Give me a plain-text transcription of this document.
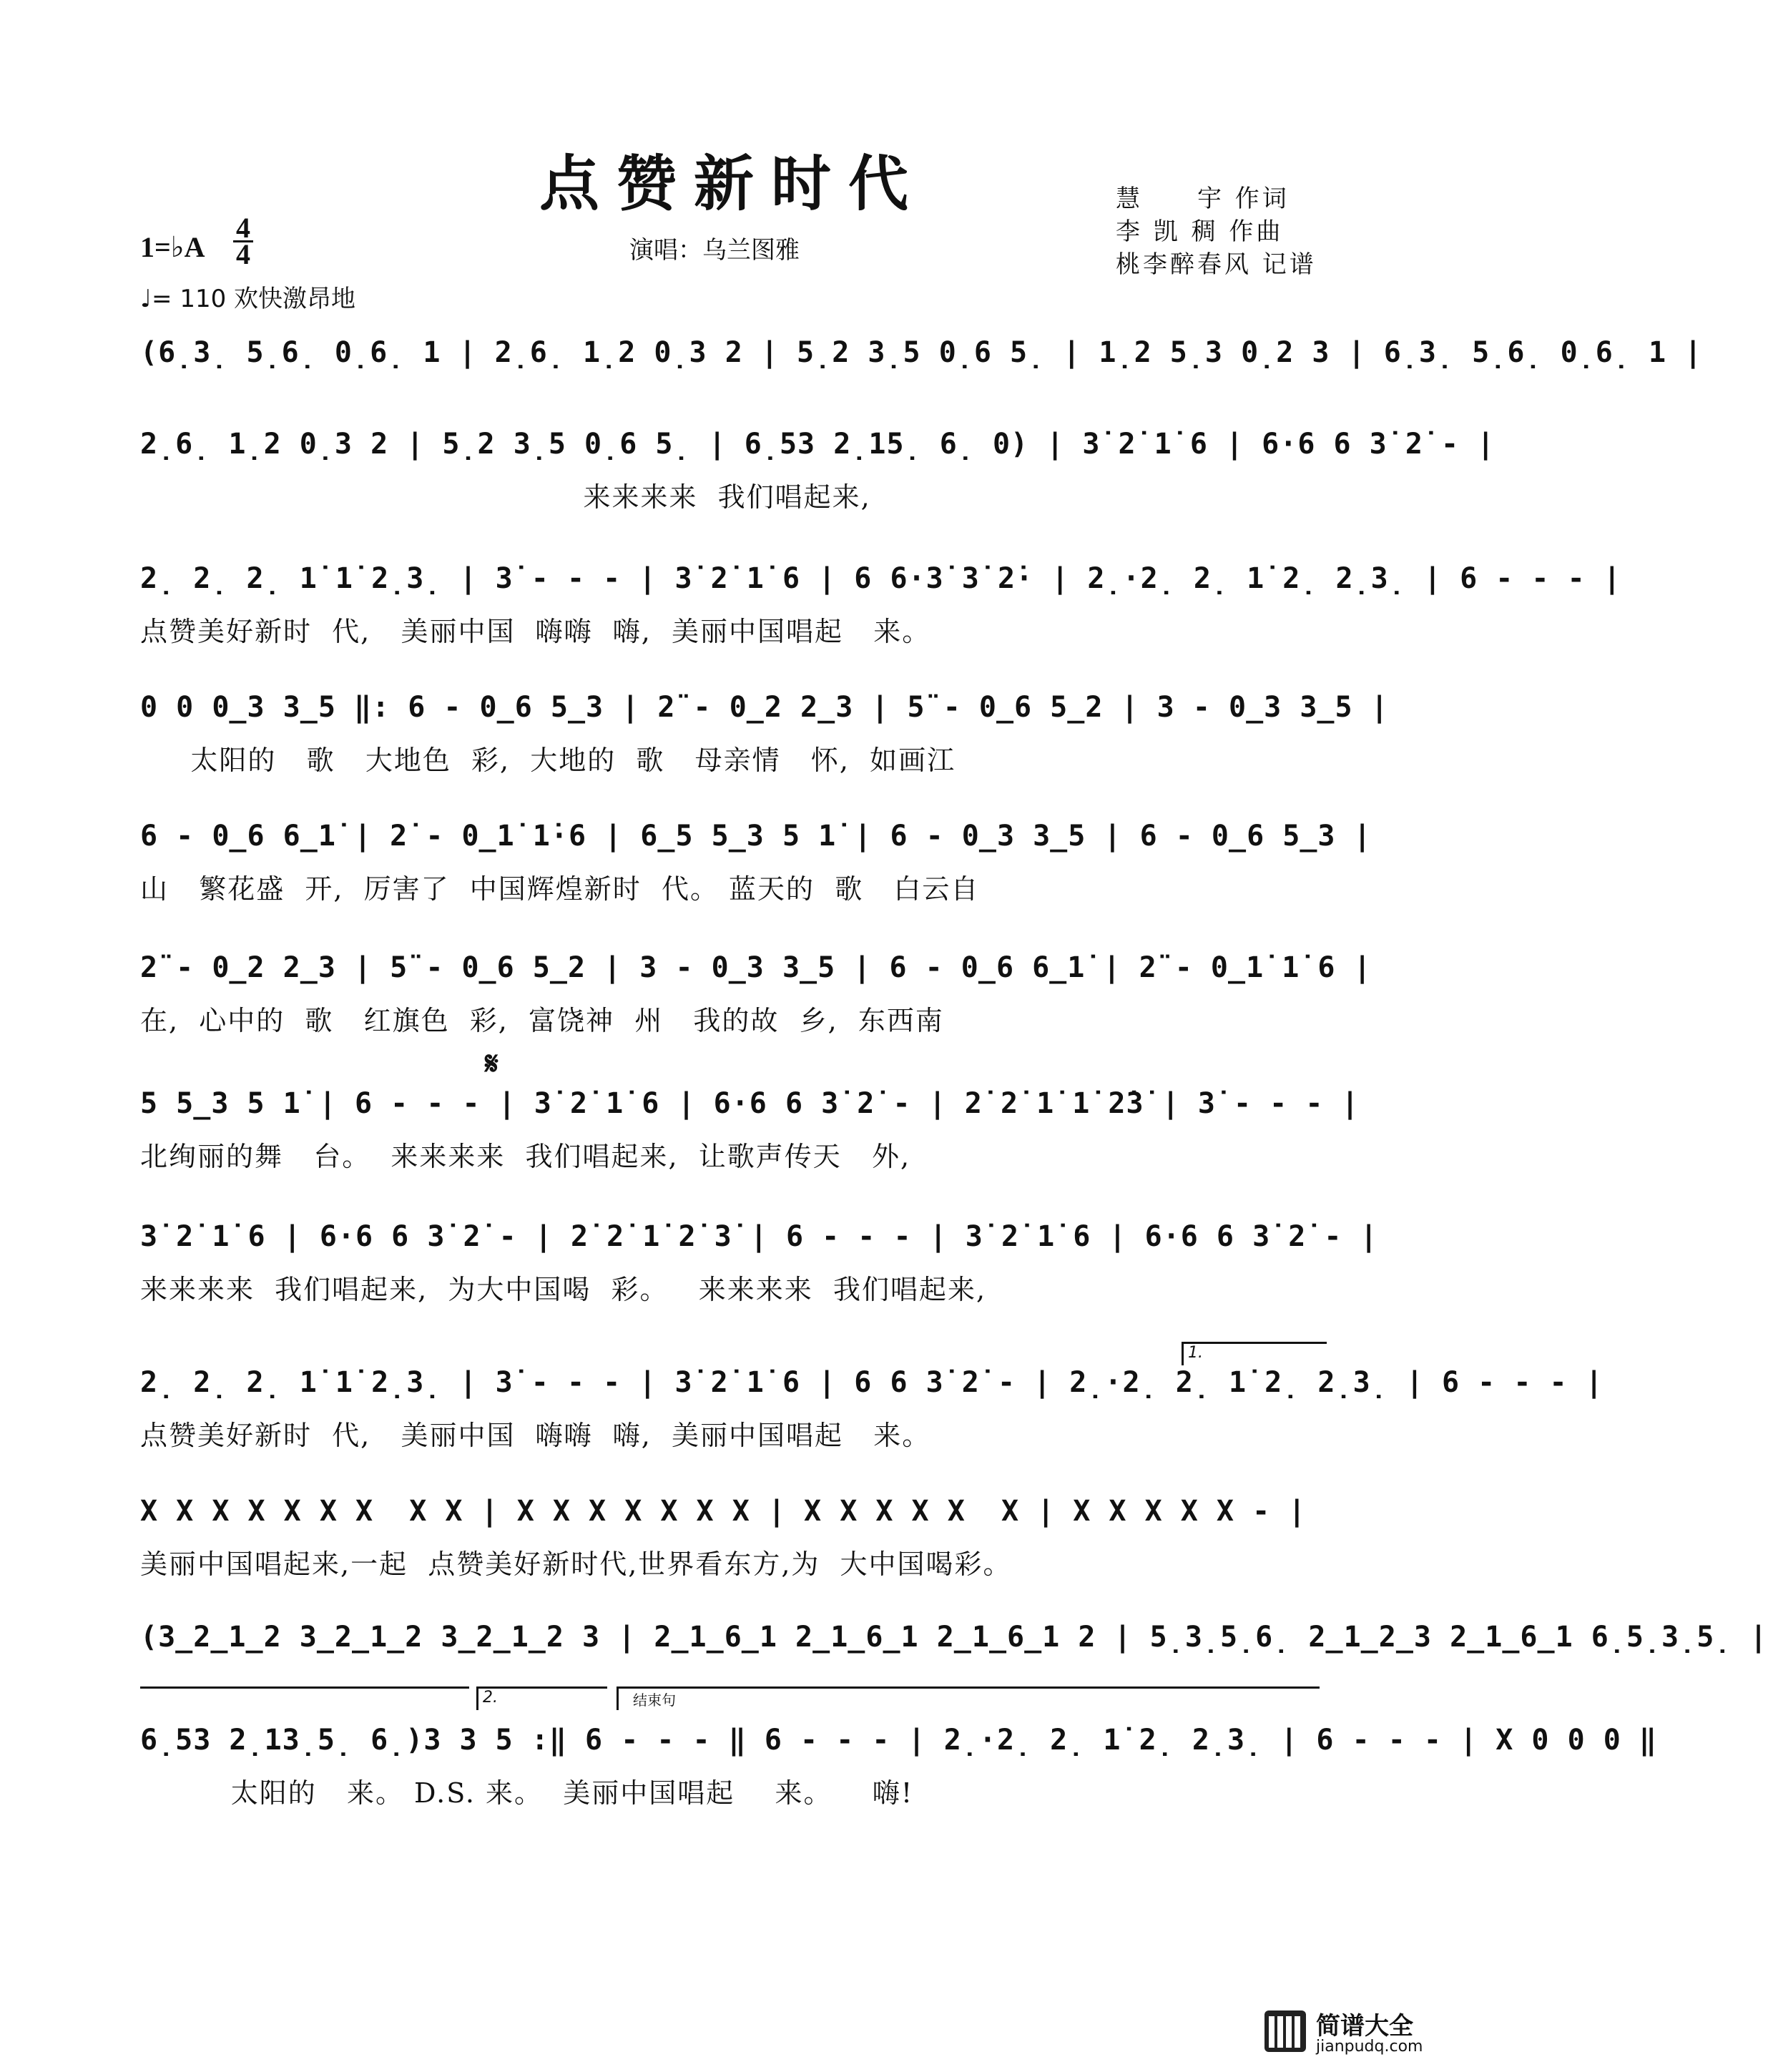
点赞新时代	慧　　宇 作词
李 凯 稠 作曲
桃李醉春风 记谱
1=♭A
4
4	演唱：乌兰图雅
♩= 110 欢快激昂地
(6̣3̣ 5̣6̣ 0̣6̣ 1 | 2̣6̣ 1̣2 0̣3 2 | 5̣2 3̣5 0̣6 5̣ | 1̣2 5̣3 0̣2 3 | 6̣3̣ 5̣6̣ 0̣6̣ 1 |
2̣6̣ 1̣2 0̣3 2 | 5̣2 3̣5 0̣6 5̣ | 6̣53 2̣15̣ 6̣ 0) | 3̇ 2̇ 1̇ 6 | 6·6 6 3̇ 2̇ - |
来来来来  我们唱起来,
2̣ 2̣ 2̣ 1̇ 1̇ 2̣3̣ | 3̇ - - - | 3̇ 2̇ 1̇ 6 | 6 6·3̇ 3̇ 2̇· | 2̣·2̣ 2̣ 1̇ 2̣ 2̣3̣ | 6 - - - |
点赞美好新时  代,   美丽中国  嗨嗨  嗨,  美丽中国唱起   来。
0 0 0̲3 3̲5 ‖: 6 - 0̲6 5̲3 | 2̈ - 0̲2 2̲3 | 5̈ - 0̲6 5̲2 | 3 - 0̲3 3̲5 |
太阳的   歌   大地色  彩,  大地的  歌   母亲情   怀,  如画江
6 - 0̲6 6̲1̇ | 2̇ - 0̲1̇ 1̇·6 | 6̲5 5̲3 5 1̇ | 6 - 0̲3 3̲5 | 6 - 0̲6 5̲3 |
山   繁花盛  开,  厉害了  中国辉煌新时  代。 蓝天的  歌   白云自
2̈ - 0̲2 2̲3 | 5̈ - 0̲6 5̲2 | 3 - 0̲3 3̲5 | 6 - 0̲6 6̲1̇ | 2̈ - 0̲1̇ 1̇ 6 |
在,  心中的  歌   红旗色  彩,  富饶神  州   我的故  乡,  东西南
𝄋
5 5̲3 5 1̇ | 6 - - - | 3̇ 2̇ 1̇ 6 | 6·6 6 3̇ 2̇ - | 2̇ 2̇ 1̇ 1̇ 2̇3̇ | 3̇ - - - |
北绚丽的舞   台。  来来来来  我们唱起来,  让歌声传天   外,
3̇ 2̇ 1̇ 6 | 6·6 6 3̇ 2̇ - | 2̇ 2̇ 1̇ 2̇ 3̇ | 6 - - - | 3̇ 2̇ 1̇ 6 | 6·6 6 3̇ 2̇ - |
来来来来  我们唱起来,  为大中国喝  彩。   来来来来  我们唱起来,
1.
2̣ 2̣ 2̣ 1̇ 1̇ 2̣3̣ | 3̇ - - - | 3̇ 2̇ 1̇ 6 | 6 6 3̇ 2̇ - | 2̣·2̣ 2̣ 1̇ 2̣ 2̣3̣ | 6 - - - |
点赞美好新时  代,   美丽中国  嗨嗨  嗨,  美丽中国唱起   来。
X X X X X X X  X X | X X X X X X X | X X X X X  X | X X X X X - |
美丽中国唱起来,一起  点赞美好新时代,世界看东方,为  大中国喝彩。
(3̲2̲1̲2 3̲2̲1̲2 3̲2̲1̲2 3 | 2̲1̲6̲1 2̲1̲6̲1 2̲1̲6̲1 2 | 5̣3̣5̣6̣ 2̲1̲2̲3 2̲1̲6̲1 6̣5̣3̣5̣ |
2.	结束句
6̣53 2̣13̣5̣ 6̣)3 3 5 :‖ 6 - - - ‖ 6 - - - | 2̣·2̣ 2̣ 1̇ 2̣ 2̣3̣ | 6 - - - | X 0 0 0 ‖
太阳的   来。 D.S. 来。  美丽中国唱起    来。    嗨!
简谱大全
jianpudq.com
